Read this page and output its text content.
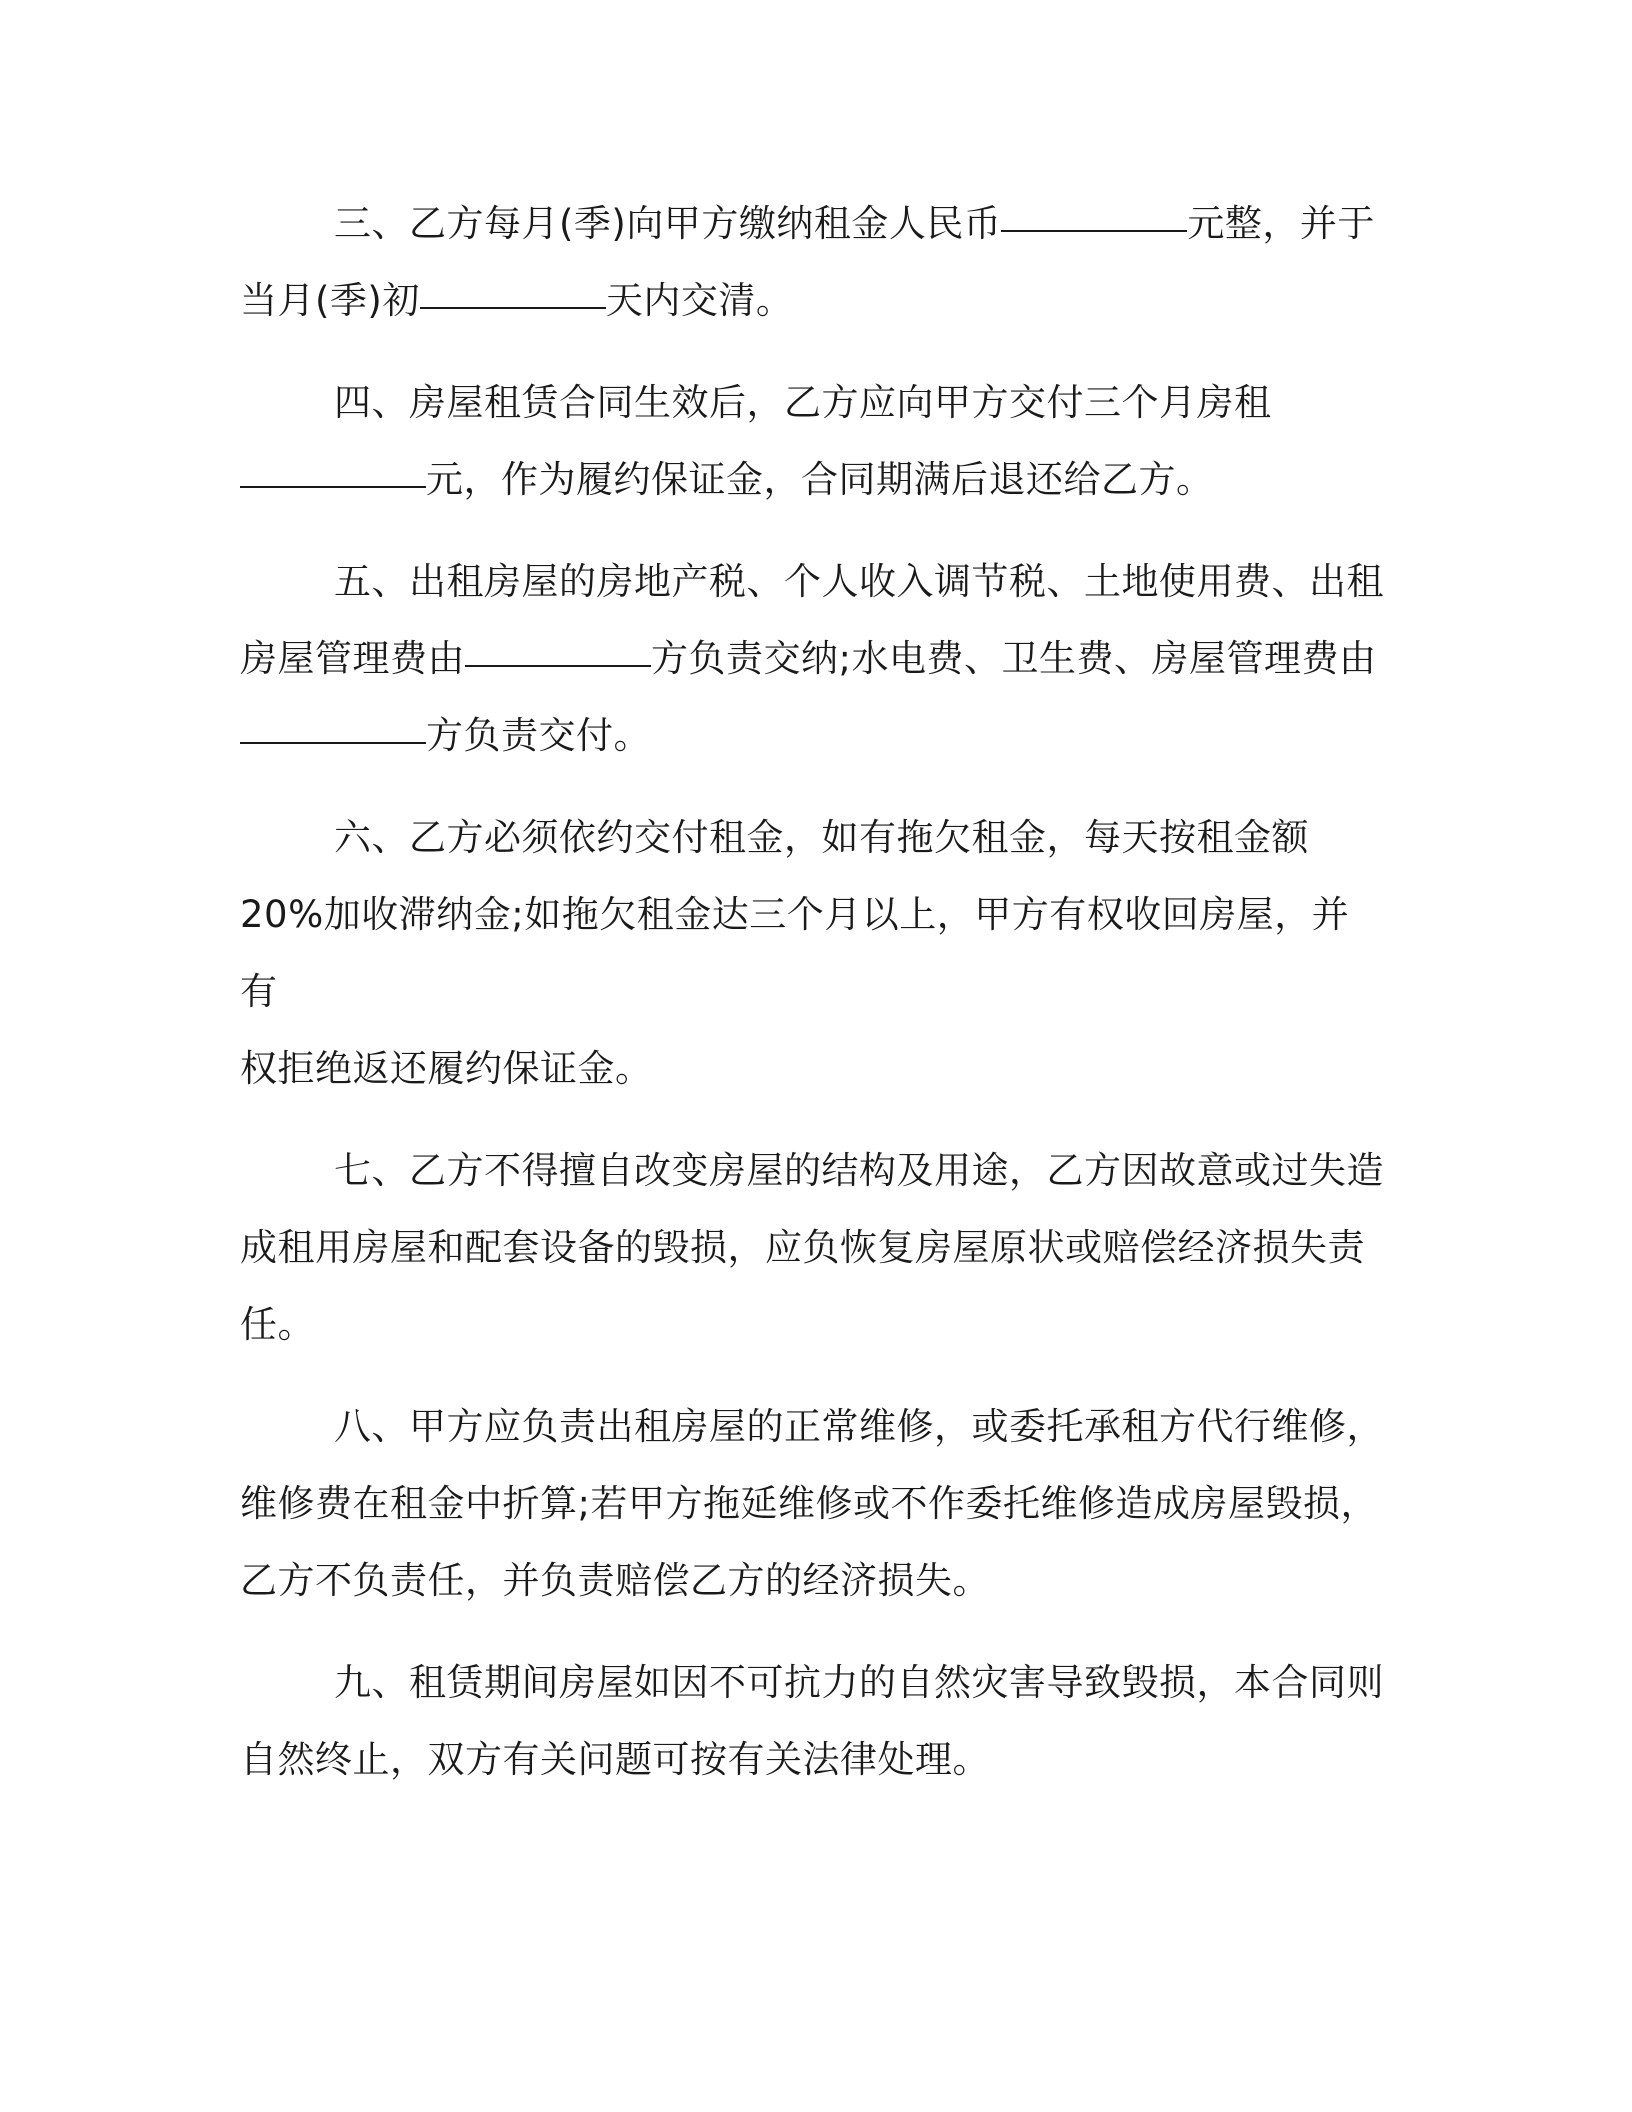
三、乙方每月(季)向甲方缴纳租金人民币	元整，并于
当月(季)初	天内交清。

四、房屋租赁合同生效后，乙方应向甲方交付三个月房租
元，作为履约保证金，合同期满后退还给乙方。

五、出租房屋的房地产税、个人收入调节税、土地使用费、出租
房屋管理费由	方负责交纳;水电费、卫生费、房屋管理费由
方负责交付。

六、乙方必须依约交付租金，如有拖欠租金，每天按租金额
20%加收滞纳金;如拖欠租金达三个月以上，甲方有权收回房屋，并有
权拒绝返还履约保证金。

七、乙方不得擅自改变房屋的结构及用途，乙方因故意或过失造
成租用房屋和配套设备的毁损，应负恢复房屋原状或赔偿经济损失责
任。

八、甲方应负责出租房屋的正常维修，或委托承租方代行维修，
维修费在租金中折算;若甲方拖延维修或不作委托维修造成房屋毁损，
乙方不负责任，并负责赔偿乙方的经济损失。

九、租赁期间房屋如因不可抗力的自然灾害导致毁损，本合同则
自然终止，双方有关问题可按有关法律处理。
